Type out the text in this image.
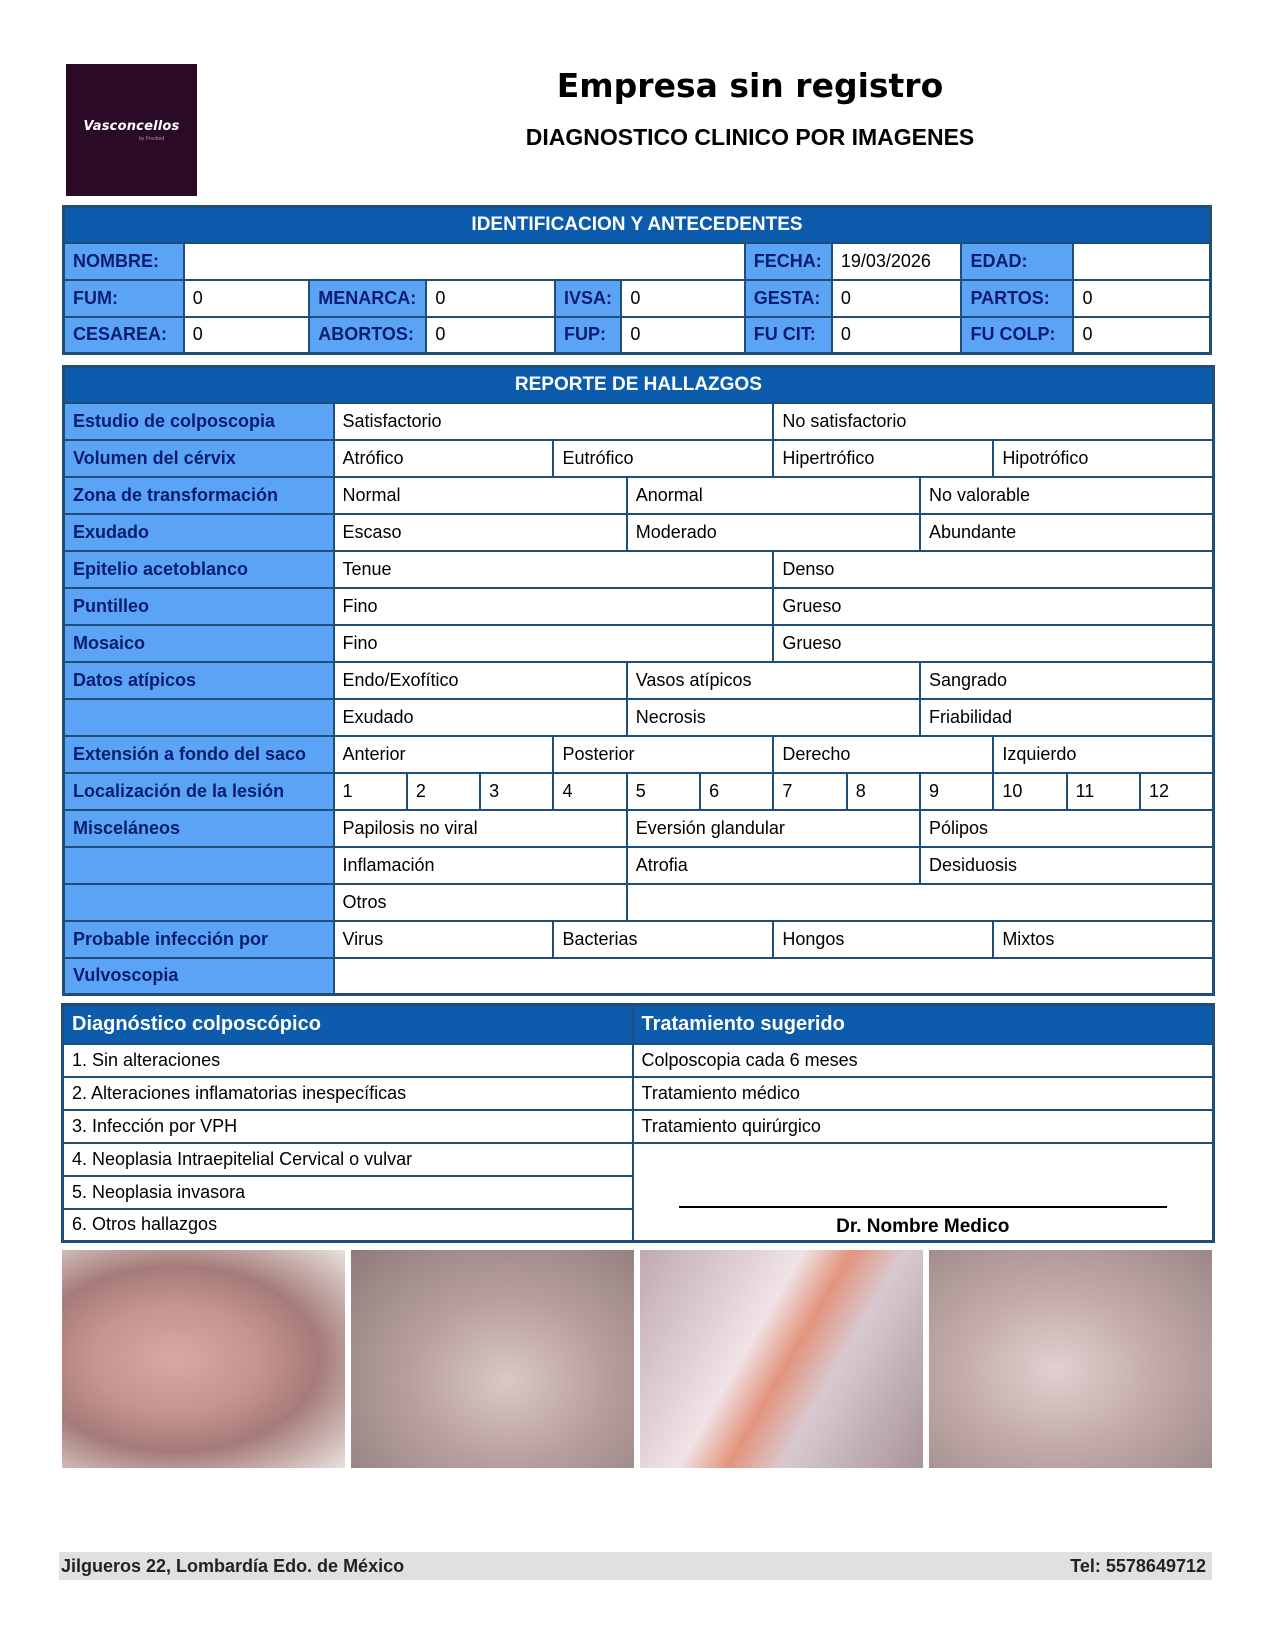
Vasconcellos
by Prosbed
Empresa sin registro
DIAGNOSTICO CLINICO POR IMAGENES
IDENTIFICACION Y ANTECEDENTES									
NOMBRE:						FECHA:	19/03/2026	EDAD:	
FUM:	0	MENARCA:	0	IVSA:	0	GESTA:	0	PARTOS:	0
CESAREA:	0	ABORTOS:	0	FUP:	0	FU CIT:	0	FU COLP:	0
REPORTE DE HALLAZGOS												
Estudio de colposcopia	Satisfactorio						No satisfactorio					
Volumen del cérvix	Atrófico			Eutrófico			Hipertrófico			Hipotrófico		
Zona de transformación	Normal				Anormal				No valorable			
Exudado	Escaso				Moderado				Abundante			
Epitelio acetoblanco	Tenue						Denso					
Puntilleo	Fino						Grueso					
Mosaico	Fino						Grueso					
Datos atípicos	Endo/Exofítico				Vasos atípicos				Sangrado			
	Exudado				Necrosis				Friabilidad			
Extensión a fondo del saco	Anterior			Posterior			Derecho			Izquierdo		
Localización de la lesión	1	2	3	4	5	6	7	8	9	10	11	12
Misceláneos	Papilosis no viral				Eversión glandular				Pólipos			
	Inflamación				Atrofia				Desiduosis			
	Otros											
Probable infección por	Virus			Bacterias			Hongos			Mixtos		
Vulvoscopia												
Diagnóstico colposcópico	Tratamiento sugerido
1. Sin alteraciones	Colposcopia cada 6 meses
2. Alteraciones inflamatorias inespecíficas	Tratamiento médico
3. Infección por VPH	Tratamiento quirúrgico
4. Neoplasia Intraepitelial Cervical o vulvar	Dr. Nombre Medico

5. Neoplasia invasora	
6. Otros hallazgos	
Jilgueros 22, Lombardía Edo. de México	Tel: 5578649712
